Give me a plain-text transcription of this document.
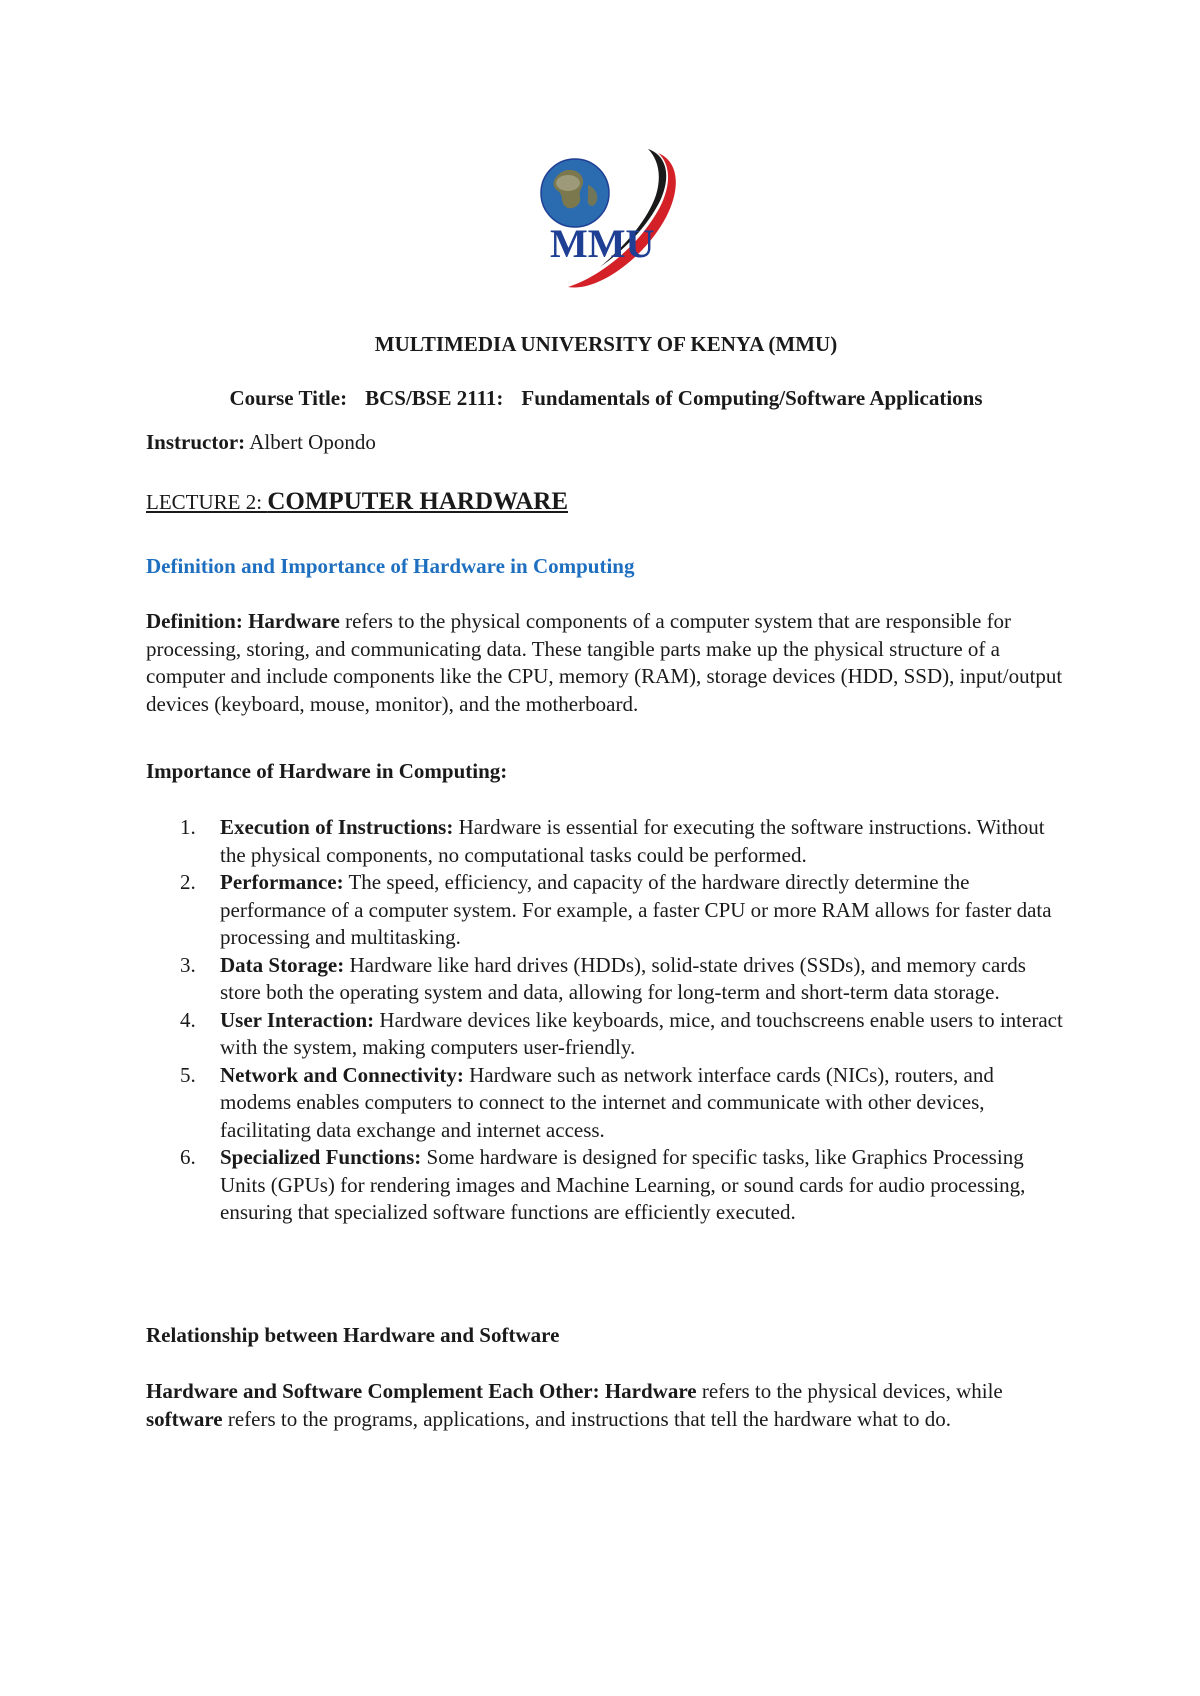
MMU
MULTIMEDIA UNIVERSITY OF KENYA (MMU)
Course Title: BCS/BSE 2111: Fundamentals of Computing/Software Applications
Instructor: Albert Opondo
LECTURE 2: COMPUTER HARDWARE
Definition and Importance of Hardware in Computing

Definition: Hardware refers to the physical components of a computer system that are responsible for processing, storing, and communicating data. These tangible parts make up the physical structure of a computer and include components like the CPU, memory (RAM), storage devices (HDD, SSD), input/output devices (keyboard, mouse, monitor), and the motherboard.

Importance of Hardware in Computing:

1. Execution of Instructions: Hardware is essential for executing the software instructions. Without the physical components, no computational tasks could be performed.
2. Performance: The speed, efficiency, and capacity of the hardware directly determine the performance of a computer system. For example, a faster CPU or more RAM allows for faster data processing and multitasking.
3. Data Storage: Hardware like hard drives (HDDs), solid-state drives (SSDs), and memory cards store both the operating system and data, allowing for long-term and short-term data storage.
4. User Interaction: Hardware devices like keyboards, mice, and touchscreens enable users to interact with the system, making computers user-friendly.
5. Network and Connectivity: Hardware such as network interface cards (NICs), routers, and modems enables computers to connect to the internet and communicate with other devices, facilitating data exchange and internet access.
6. Specialized Functions: Some hardware is designed for specific tasks, like Graphics Processing Units (GPUs) for rendering images and Machine Learning, or sound cards for audio processing, ensuring that specialized software functions are efficiently executed.

Relationship between Hardware and Software

Hardware and Software Complement Each Other: Hardware refers to the physical devices, while software refers to the programs, applications, and instructions that tell the hardware what to do.
